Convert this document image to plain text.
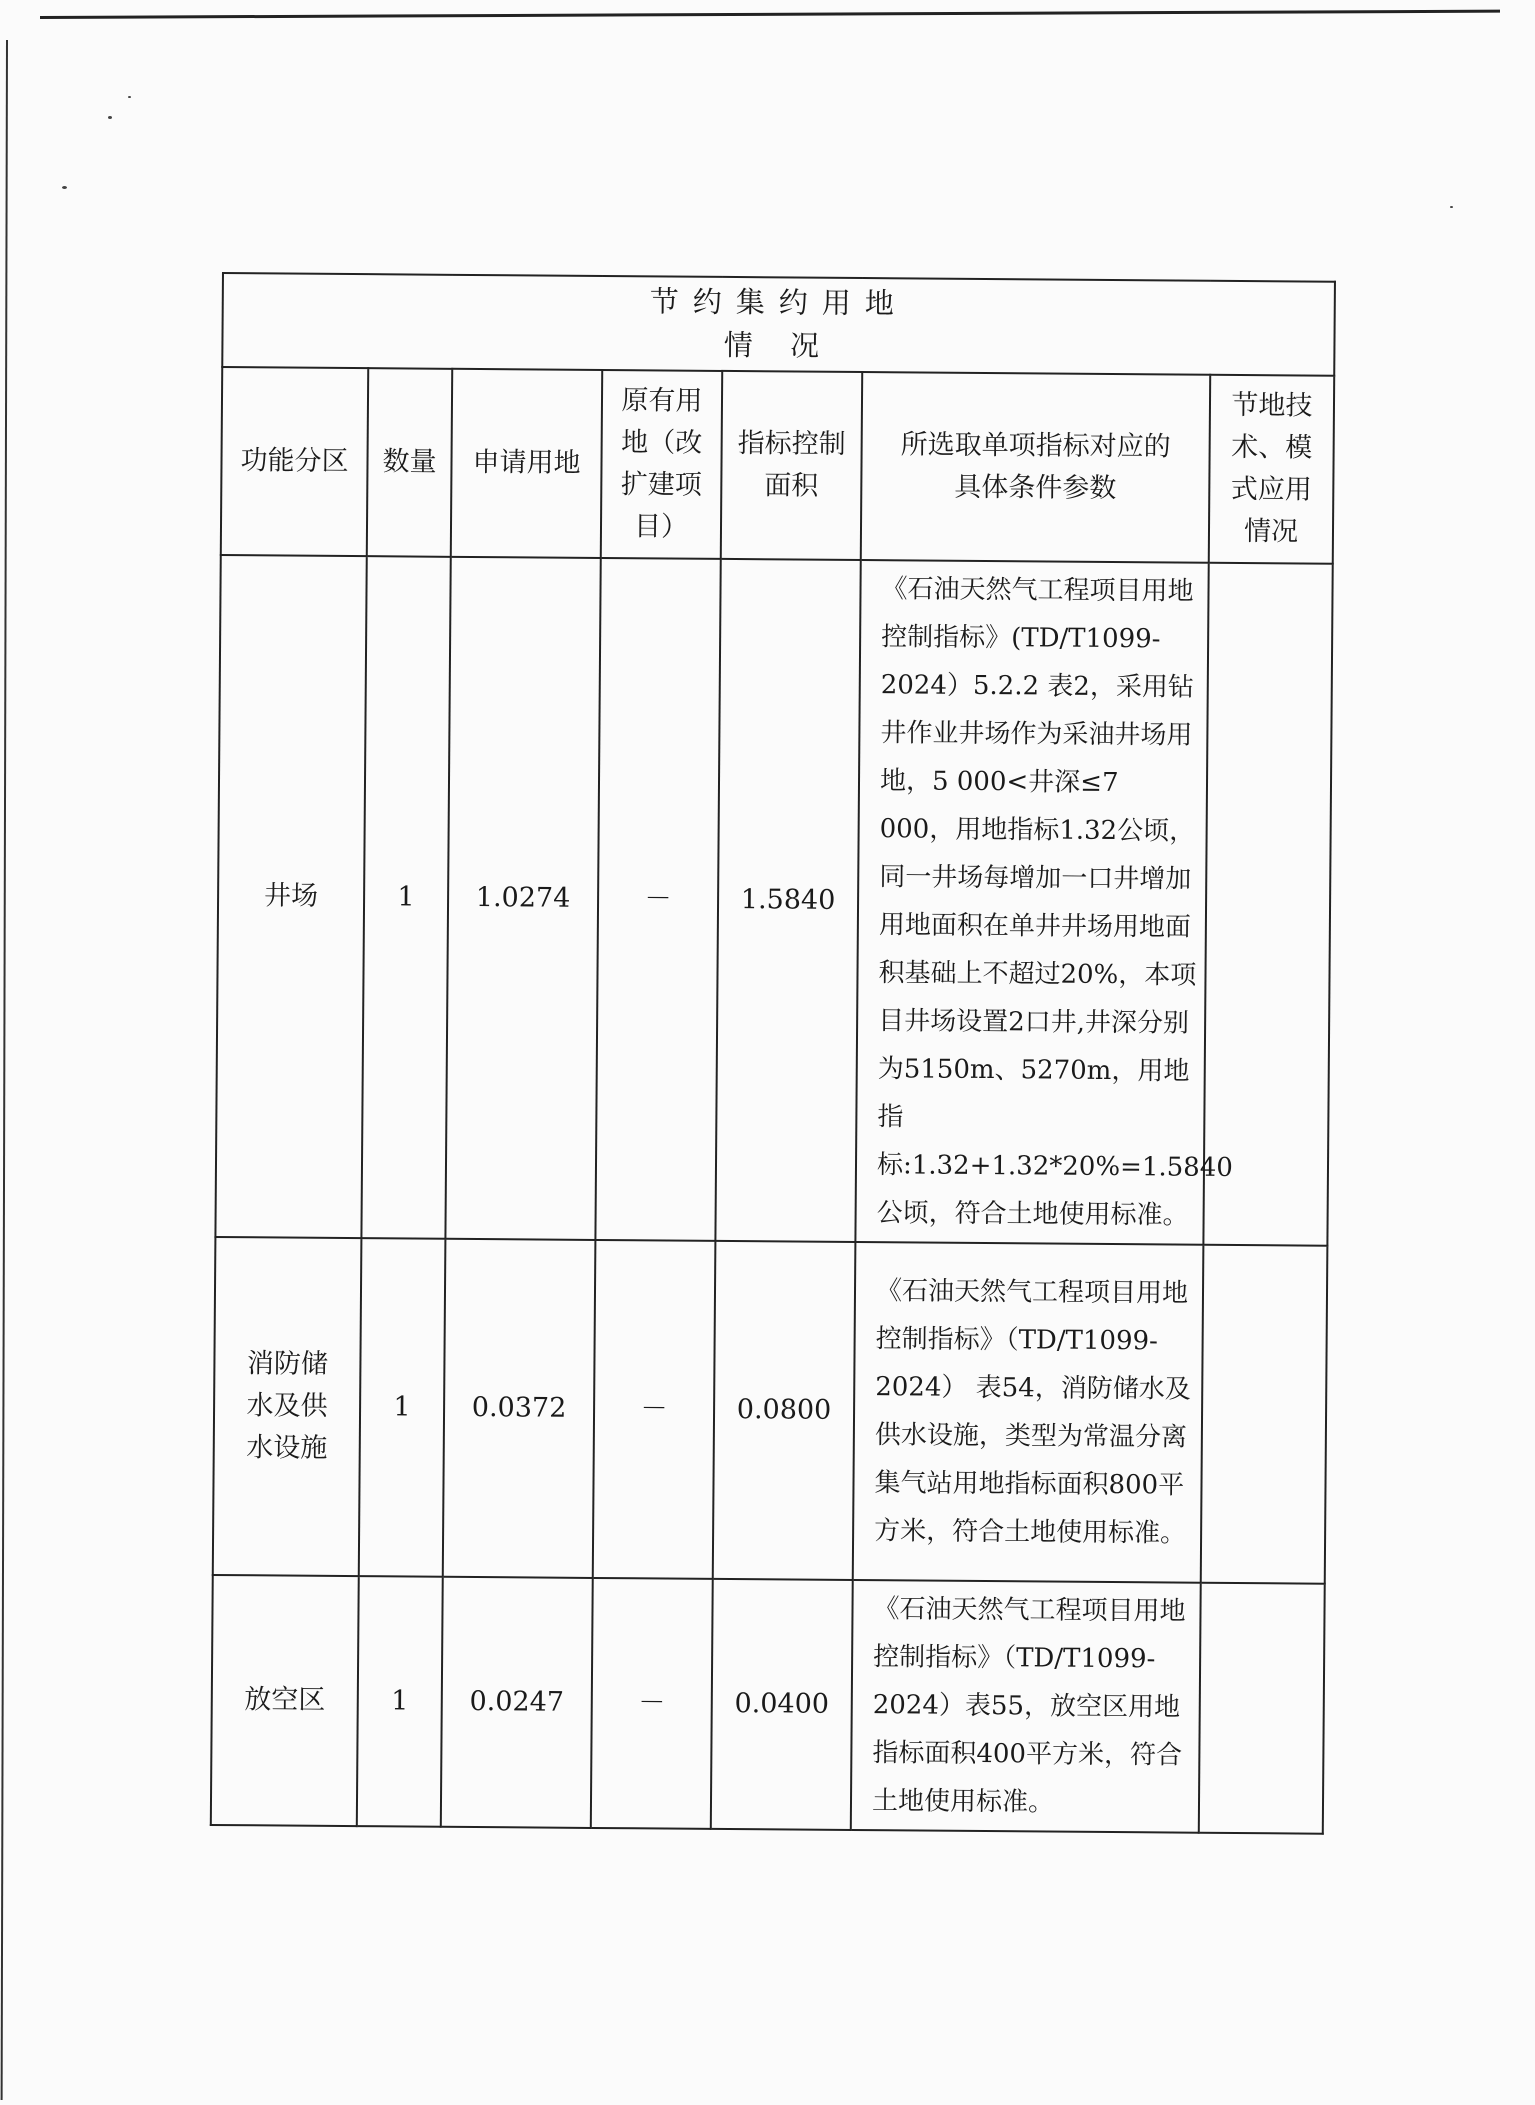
节约集约用地
情 况						

功能分区	数量	申请用地	原有用地（改扩建项目）	指标控制面积	所选取单项指标对应的具体条件参数	节地技术、模式应用情况
井场	1	1.0274	－	1.5840	《石油天然气工程项目用地控制指标》(TD/T1099-2024）5.2.2 表2，采用钻井作业井场作为采油井场用地，5 000<井深≤7 000，用地指标1.32公顷，同一井场每增加一口井增加用地面积在单井井场用地面积基础上不超过20%，本项目井场设置2口井,井深分别为5150m、5270m，用地指标:1.32+1.32*20%=1.5840公顷，符合土地使用标准。	
消防储水及供水设施	1	0.0372	－	0.0800	《石油天然气工程项目用地控制指标》（TD/T1099-2024） 表54，消防储水及供水设施，类型为常温分离集气站用地指标面积800平方米，符合土地使用标准。	
放空区	1	0.0247	－	0.0400	《石油天然气工程项目用地控制指标》（TD/T1099-2024）表55，放空区用地指标面积400平方米，符合土地使用标准。	
